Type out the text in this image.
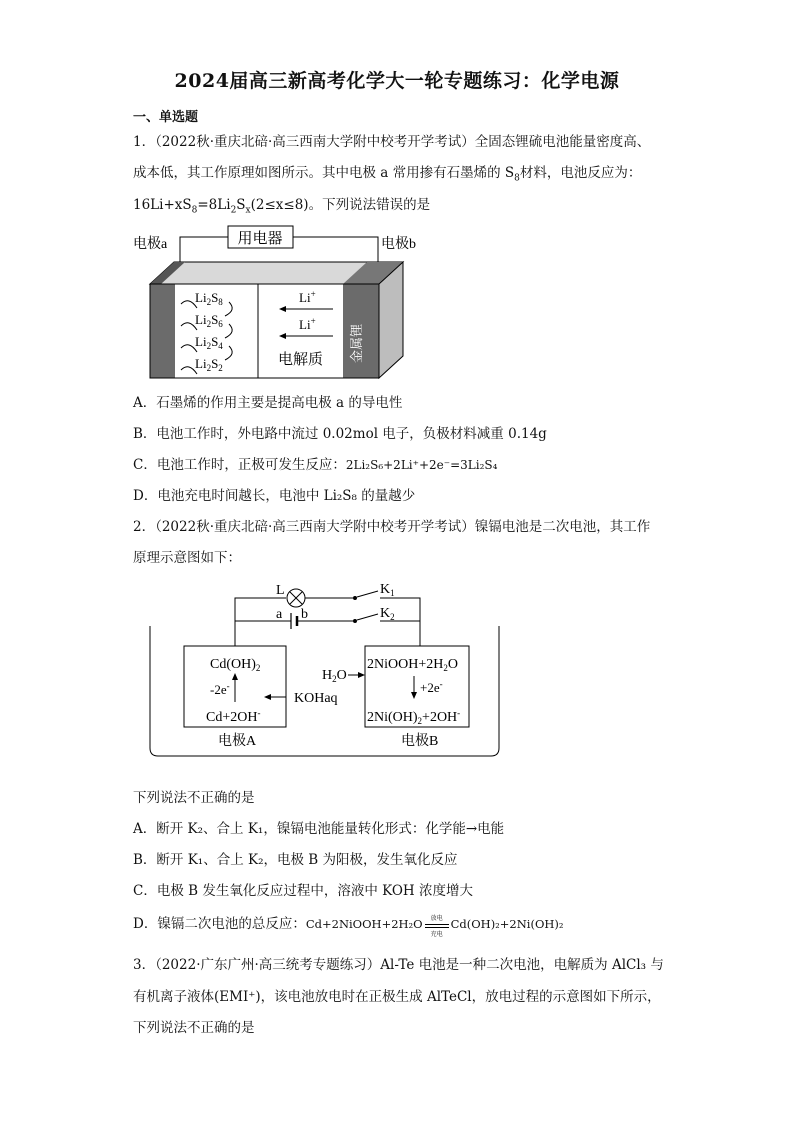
2024届高三新高考化学大一轮专题练习：化学电源
一、单选题
1．（2022秋·重庆北碚·高三西南大学附中校考开学考试）全固态锂硫电池能量密度高、
成本低，其工作原理如图所示。其中电极 a 常用掺有石墨烯的 $S_8$材料，电池反应为：
$16Li+xS_8=8Li_2S_x(2\le x\le 8)$。下列说法错误的是
用电器
电极a	电极b
$Li_2S_8$
$Li_2S_6$
$Li_2S_4$
$Li_2S_2$
Li+
Li+
电解质 金属锂
A．石墨烯的作用主要是提高电极 a 的导电性
B．电池工作时，外电路中流过 0.02mol 电子，负极材料减重 0.14g
C．电池工作时，正极可发生反应：2Li₂S₆+2Li⁺+2e⁻=3Li₂S₄
D．电池充电时间越长，电池中 Li₂S₈ 的量越少
2．（2022秋·重庆北碚·高三西南大学附中校考开学考试）镍镉电池是二次电池，其工作
原理示意图如下：
L	$K_1$
a b	$K_2$
$Cd(OH)_2$
-2e-
Cd+2OH-
KOHaq
$H_2O$
$2NiOOH+2H_2O$
+2e-
$2Ni(OH)_2+2OH^-$
电极A	电极B
下列说法不正确的是
A．断开 K₂、合上 K₁，镍镉电池能量转化形式：化学能→电能
B．断开 K₁、合上 K₂，电极 B 为阳极，发生氧化反应
C．电极 B 发生氧化反应过程中，溶液中 KOH 浓度增大
D．镍镉二次电池的总反应：Cd+2NiOOH+2H₂O	放电
充电
Cd(OH)₂+2Ni(OH)₂
3．（2022·广东广州·高三统考专题练习）Al-Te 电池是一种二次电池，电解质为 AlCl₃ 与
有机离子液体(EMI⁺)，该电池放电时在正极生成 AlTeCl，放电过程的示意图如下所示，
下列说法不正确的是
